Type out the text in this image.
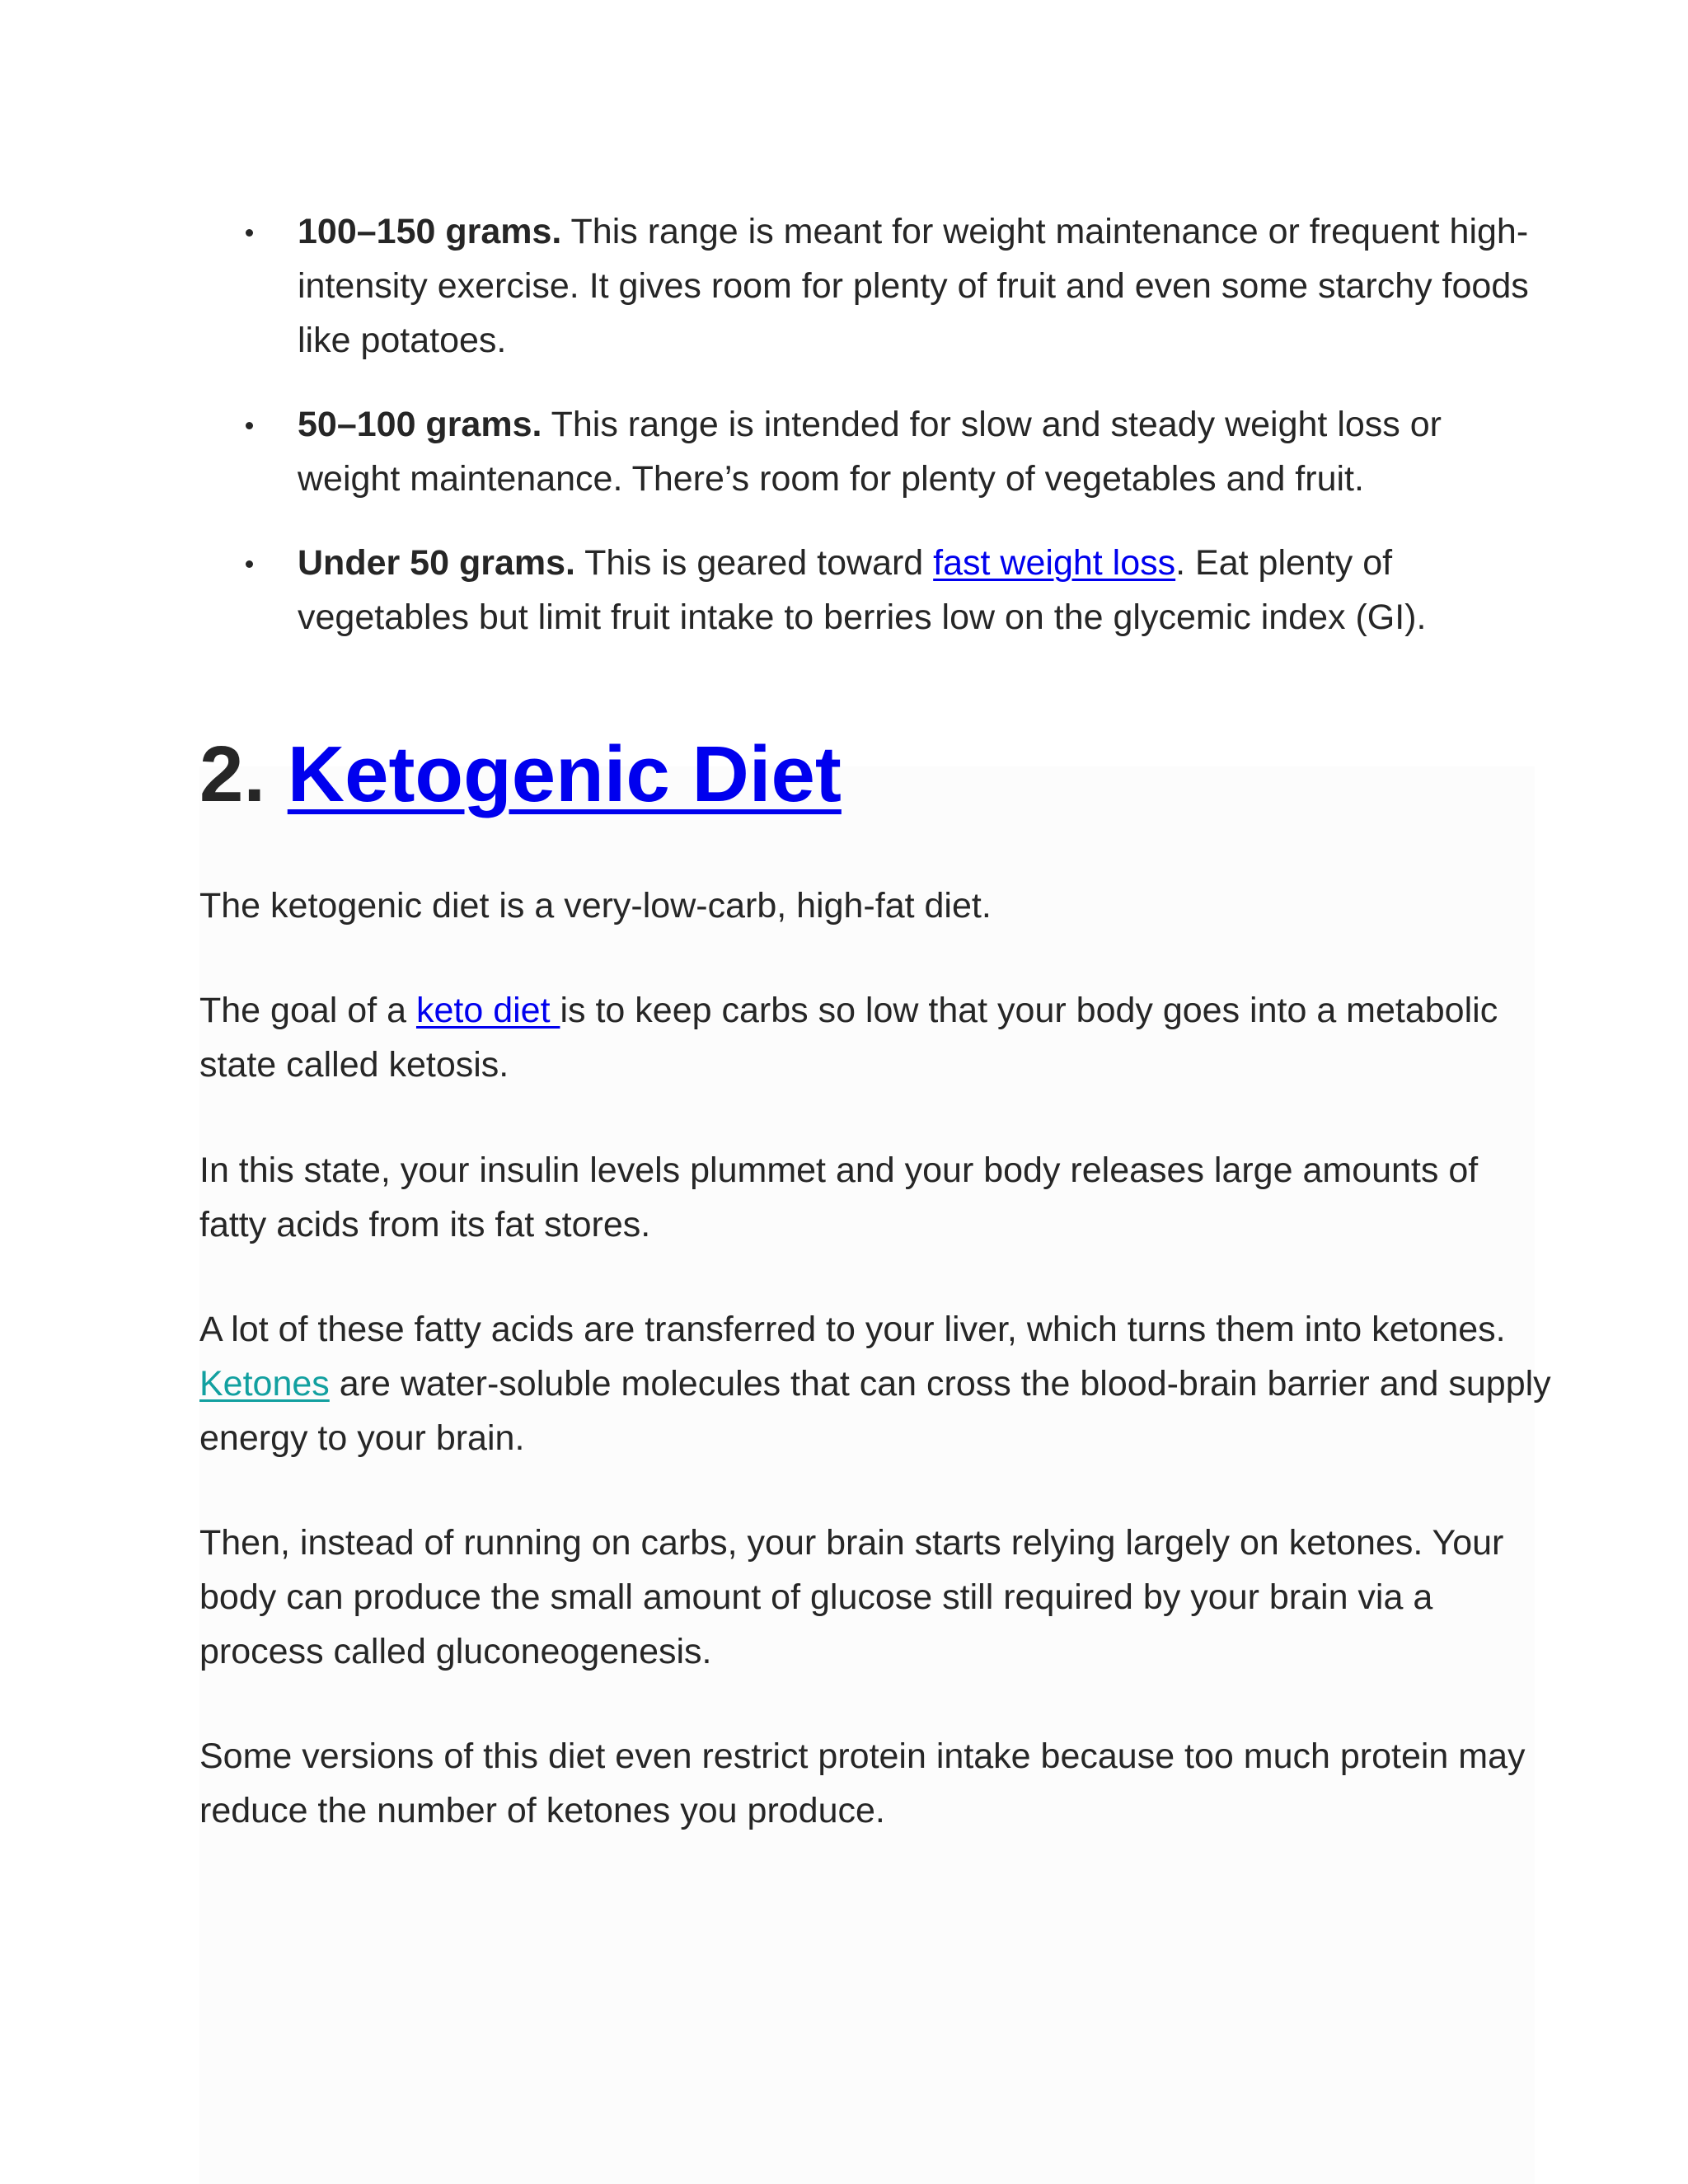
100–150 grams. This range is meant for weight maintenance or frequent high-intensity exercise. It gives room for plenty of fruit and even some starchy foods like potatoes.
50–100 grams. This range is intended for slow and steady weight loss or weight maintenance. There’s room for plenty of vegetables and fruit.
Under 50 grams. This is geared toward fast weight loss. Eat plenty of vegetables but limit fruit intake to berries low on the glycemic index (GI).
2. Ketogenic Diet

The ketogenic diet is a very-low-carb, high-fat diet.

The goal of a keto diet is to keep carbs so low that your body goes into a metabolic state called ketosis.

In this state, your insulin levels plummet and your body releases large amounts of fatty acids from its fat stores.

A lot of these fatty acids are transferred to your liver, which turns them into ketones. Ketones are water-soluble molecules that can cross the blood-brain barrier and supply energy to your brain.

Then, instead of running on carbs, your brain starts relying largely on ketones. Your body can produce the small amount of glucose still required by your brain via a process called gluconeogenesis.

Some versions of this diet even restrict protein intake because too much protein may reduce the number of ketones you produce.
